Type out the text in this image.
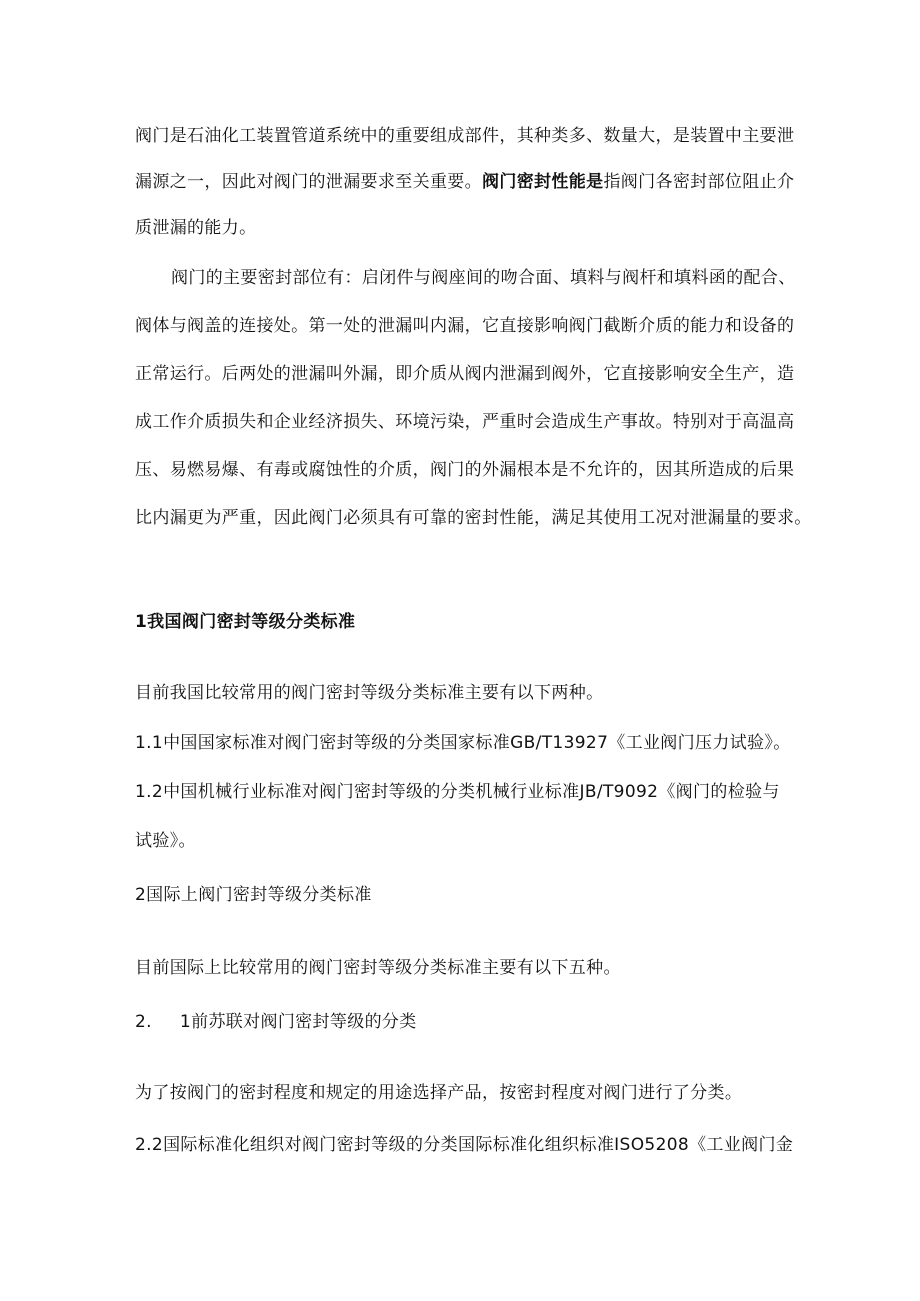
阀门是石油化工装置管道系统中的重要组成部件，其种类多、数量大，是装置中主要泄
漏源之一，因此对阀门的泄漏要求至关重要。阀门密封性能是指阀门各密封部位阻止介
质泄漏的能力。
阀门的主要密封部位有：启闭件与阀座间的吻合面、填料与阀杆和填料函的配合、
阀体与阀盖的连接处。第一处的泄漏叫内漏，它直接影响阀门截断介质的能力和设备的
正常运行。后两处的泄漏叫外漏，即介质从阀内泄漏到阀外，它直接影响安全生产，造
成工作介质损失和企业经济损失、环境污染，严重时会造成生产事故。特别对于高温高
压、易燃易爆、有毒或腐蚀性的介质，阀门的外漏根本是不允许的，因其所造成的后果
比内漏更为严重，因此阀门必须具有可靠的密封性能，满足其使用工况对泄漏量的要求。
1我国阀门密封等级分类标准
目前我国比较常用的阀门密封等级分类标准主要有以下两种。
1.1中国国家标准对阀门密封等级的分类国家标准GB/T13927《工业阀门压力试验》。
1.2中国机械行业标准对阀门密封等级的分类机械行业标准JB/T9092《阀门的检验与
试验》。
2国际上阀门密封等级分类标准
目前国际上比较常用的阀门密封等级分类标准主要有以下五种。
2. 1前苏联对阀门密封等级的分类
为了按阀门的密封程度和规定的用途选择产品，按密封程度对阀门进行了分类。
2.2国际标准化组织对阀门密封等级的分类国际标准化组织标准ISO5208《工业阀门金
